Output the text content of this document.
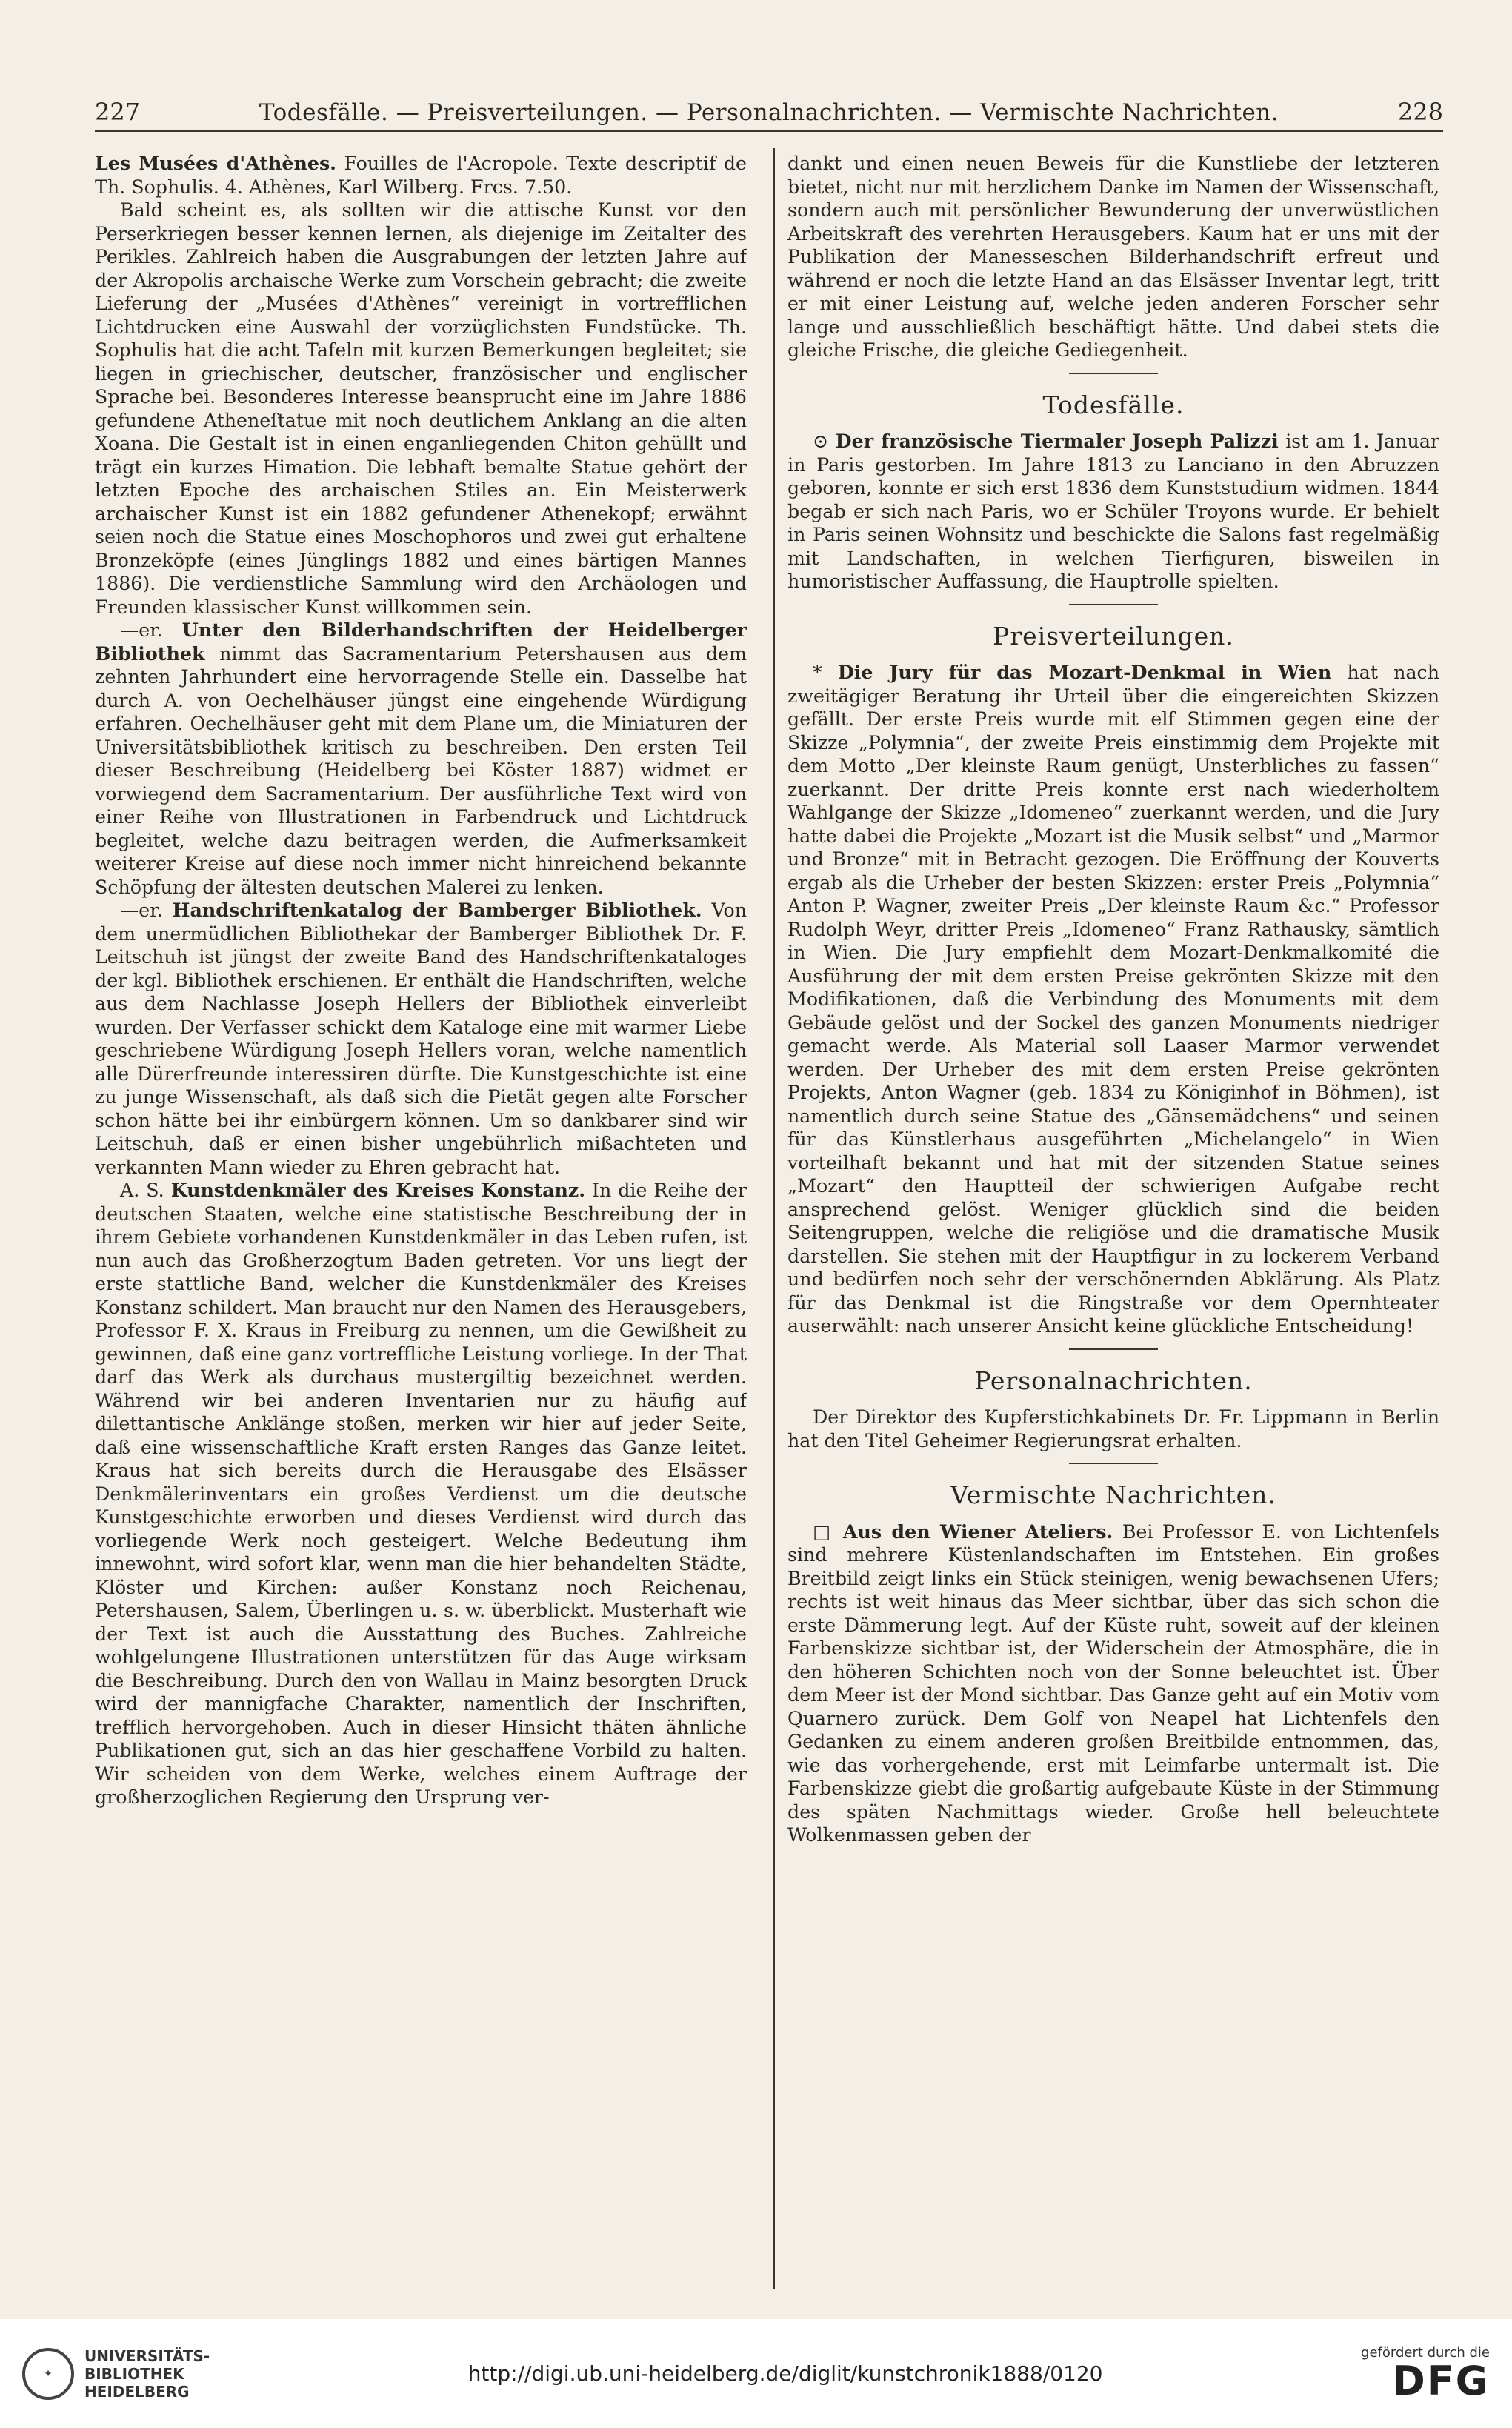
227	Todesfälle. — Preisverteilungen. — Personalnachrichten. — Vermischte Nachrichten.	228

Les Musées d'Athènes. Fouilles de l'Acropole. Texte descriptif de Th. Sophulis. 4. Athènes, Karl Wilberg. Frcs. 7.50.

Bald scheint es, als sollten wir die attische Kunst vor den Perserkriegen besser kennen lernen, als diejenige im Zeitalter des Perikles. Zahlreich haben die Ausgrabungen der letzten Jahre auf der Akropolis archaische Werke zum Vorschein gebracht; die zweite Lieferung der „Musées d'Athènes“ vereinigt in vortrefflichen Lichtdrucken eine Auswahl der vorzüglichsten Fundstücke. Th. Sophulis hat die acht Tafeln mit kurzen Bemerkungen begleitet; sie liegen in griechischer, deutscher, französischer und englischer Sprache bei. Besonderes Interesse beansprucht eine im Jahre 1886 gefundene Atheneſtatue mit noch deutlichem Anklang an die alten Xoana. Die Gestalt ist in einen enganliegenden Chiton gehüllt und trägt ein kurzes Himation. Die lebhaft bemalte Statue gehört der letzten Epoche des archaischen Stiles an. Ein Meisterwerk archaischer Kunst ist ein 1882 gefundener Athenekopf; erwähnt seien noch die Statue eines Moschophoros und zwei gut erhaltene Bronzeköpfe (eines Jünglings 1882 und eines bärtigen Mannes 1886). Die verdienstliche Sammlung wird den Archäologen und Freunden klassischer Kunst willkommen sein.

—er. Unter den Bilderhandschriften der Heidelberger Bibliothek nimmt das Sacramentarium Petershausen aus dem zehnten Jahrhundert eine hervorragende Stelle ein. Dasselbe hat durch A. von Oechelhäuser jüngst eine eingehende Würdigung erfahren. Oechelhäuser geht mit dem Plane um, die Miniaturen der Universitätsbibliothek kritisch zu beschreiben. Den ersten Teil dieser Beschreibung (Heidelberg bei Köster 1887) widmet er vorwiegend dem Sacramentarium. Der ausführliche Text wird von einer Reihe von Illustrationen in Farbendruck und Lichtdruck begleitet, welche dazu beitragen werden, die Aufmerksamkeit weiterer Kreise auf diese noch immer nicht hinreichend bekannte Schöpfung der ältesten deutschen Malerei zu lenken.

—er. Handschriftenkatalog der Bamberger Bibliothek. Von dem unermüdlichen Bibliothekar der Bamberger Bibliothek Dr. F. Leitschuh ist jüngst der zweite Band des Handschriftenkataloges der kgl. Bibliothek erschienen. Er enthält die Handschriften, welche aus dem Nachlasse Joseph Hellers der Bibliothek einverleibt wurden. Der Verfasser schickt dem Kataloge eine mit warmer Liebe geschriebene Würdigung Joseph Hellers voran, welche namentlich alle Dürerfreunde interessiren dürfte. Die Kunstgeschichte ist eine zu junge Wissenschaft, als daß sich die Pietät gegen alte Forscher schon hätte bei ihr einbürgern können. Um so dankbarer sind wir Leitschuh, daß er einen bisher ungebührlich mißachteten und verkannten Mann wieder zu Ehren gebracht hat.

A. S. Kunstdenkmäler des Kreises Konstanz. In die Reihe der deutschen Staaten, welche eine statistische Beschreibung der in ihrem Gebiete vorhandenen Kunstdenkmäler in das Leben rufen, ist nun auch das Großherzogtum Baden getreten. Vor uns liegt der erste stattliche Band, welcher die Kunstdenkmäler des Kreises Konstanz schildert. Man braucht nur den Namen des Herausgebers, Professor F. X. Kraus in Freiburg zu nennen, um die Gewißheit zu gewinnen, daß eine ganz vortreffliche Leistung vorliege. In der That darf das Werk als durchaus mustergiltig bezeichnet werden. Während wir bei anderen Inventarien nur zu häufig auf dilettantische Anklänge stoßen, merken wir hier auf jeder Seite, daß eine wissenschaftliche Kraft ersten Ranges das Ganze leitet. Kraus hat sich bereits durch die Herausgabe des Elsässer Denkmälerinventars ein großes Verdienst um die deutsche Kunstgeschichte erworben und dieses Verdienst wird durch das vorliegende Werk noch gesteigert. Welche Bedeutung ihm innewohnt, wird sofort klar, wenn man die hier behandelten Städte, Klöster und Kirchen: außer Konstanz noch Reichenau, Petershausen, Salem, Überlingen u. s. w. überblickt. Musterhaft wie der Text ist auch die Ausstattung des Buches. Zahlreiche wohlgelungene Illustrationen unterstützen für das Auge wirksam die Beschreibung. Durch den von Wallau in Mainz besorgten Druck wird der mannigfache Charakter, namentlich der Inschriften, trefflich hervorgehoben. Auch in dieser Hinsicht thäten ähnliche Publikationen gut, sich an das hier geschaffene Vorbild zu halten. Wir scheiden von dem Werke, welches einem Auftrage der großherzoglichen Regierung den Ursprung ver-

dankt und einen neuen Beweis für die Kunstliebe der letzteren bietet, nicht nur mit herzlichem Danke im Namen der Wissenschaft, sondern auch mit persönlicher Bewunderung der unverwüstlichen Arbeitskraft des verehrten Herausgebers. Kaum hat er uns mit der Publikation der Manesseschen Bilderhandschrift erfreut und während er noch die letzte Hand an das Elsässer Inventar legt, tritt er mit einer Leistung auf, welche jeden anderen Forscher sehr lange und ausschließlich beschäftigt hätte. Und dabei stets die gleiche Frische, die gleiche Gediegenheit.

Todesfälle.

⊙ Der französische Tiermaler Joseph Palizzi ist am 1. Januar in Paris gestorben. Im Jahre 1813 zu Lanciano in den Abruzzen geboren, konnte er sich erst 1836 dem Kunststudium widmen. 1844 begab er sich nach Paris, wo er Schüler Troyons wurde. Er behielt in Paris seinen Wohnsitz und beschickte die Salons fast regelmäßig mit Landschaften, in welchen Tierfiguren, bisweilen in humoristischer Auffassung, die Hauptrolle spielten.

Preisverteilungen.

* Die Jury für das Mozart-Denkmal in Wien hat nach zweitägiger Beratung ihr Urteil über die eingereichten Skizzen gefällt. Der erste Preis wurde mit elf Stimmen gegen eine der Skizze „Polymnia“, der zweite Preis einstimmig dem Projekte mit dem Motto „Der kleinste Raum genügt, Unsterbliches zu fassen“ zuerkannt. Der dritte Preis konnte erst nach wiederholtem Wahlgange der Skizze „Idomeneo“ zuerkannt werden, und die Jury hatte dabei die Projekte „Mozart ist die Musik selbst“ und „Marmor und Bronze“ mit in Betracht gezogen. Die Eröffnung der Kouverts ergab als die Urheber der besten Skizzen: erster Preis „Polymnia“ Anton P. Wagner, zweiter Preis „Der kleinste Raum &c.“ Professor Rudolph Weyr, dritter Preis „Idomeneo“ Franz Rathausky, sämtlich in Wien. Die Jury empfiehlt dem Mozart-Denkmalkomité die Ausführung der mit dem ersten Preise gekrönten Skizze mit den Modifikationen, daß die Verbindung des Monuments mit dem Gebäude gelöst und der Sockel des ganzen Monuments niedriger gemacht werde. Als Material soll Laaser Marmor verwendet werden. Der Urheber des mit dem ersten Preise gekrönten Projekts, Anton Wagner (geb. 1834 zu Königinhof in Böhmen), ist namentlich durch seine Statue des „Gänsemädchens“ und seinen für das Künstlerhaus ausgeführten „Michelangelo“ in Wien vorteilhaft bekannt und hat mit der sitzenden Statue seines „Mozart“ den Hauptteil der schwierigen Aufgabe recht ansprechend gelöst. Weniger glücklich sind die beiden Seitengruppen, welche die religiöse und die dramatische Musik darstellen. Sie stehen mit der Hauptfigur in zu lockerem Verband und bedürfen noch sehr der verschönernden Abklärung. Als Platz für das Denkmal ist die Ringstraße vor dem Opernhteater auserwählt: nach unserer Ansicht keine glückliche Entscheidung!

Personalnachrichten.

Der Direktor des Kupferstichkabinets Dr. Fr. Lippmann in Berlin hat den Titel Geheimer Regierungsrat erhalten.

Vermischte Nachrichten.

□ Aus den Wiener Ateliers. Bei Professor E. von Lichtenfels sind mehrere Küstenlandschaften im Entstehen. Ein großes Breitbild zeigt links ein Stück steinigen, wenig bewachsenen Ufers; rechts ist weit hinaus das Meer sichtbar, über das sich schon die erste Dämmerung legt. Auf der Küste ruht, soweit auf der kleinen Farbenskizze sichtbar ist, der Widerschein der Atmosphäre, die in den höheren Schichten noch von der Sonne beleuchtet ist. Über dem Meer ist der Mond sichtbar. Das Ganze geht auf ein Motiv vom Quarnero zurück. Dem Golf von Neapel hat Lichtenfels den Gedanken zu einem anderen großen Breitbilde entnommen, das, wie das vorhergehende, erst mit Leimfarbe untermalt ist. Die Farbenskizze giebt die großartig aufgebaute Küste in der Stimmung des späten Nachmittags wieder. Große hell beleuchtete Wolkenmassen geben der

✦
UNIVERSITÄTS-
BIBLIOTHEK
HEIDELBERG
http://digi.ub.uni-heidelberg.de/diglit/kunstchronik1888/0120
gefördert durch die
DFG
